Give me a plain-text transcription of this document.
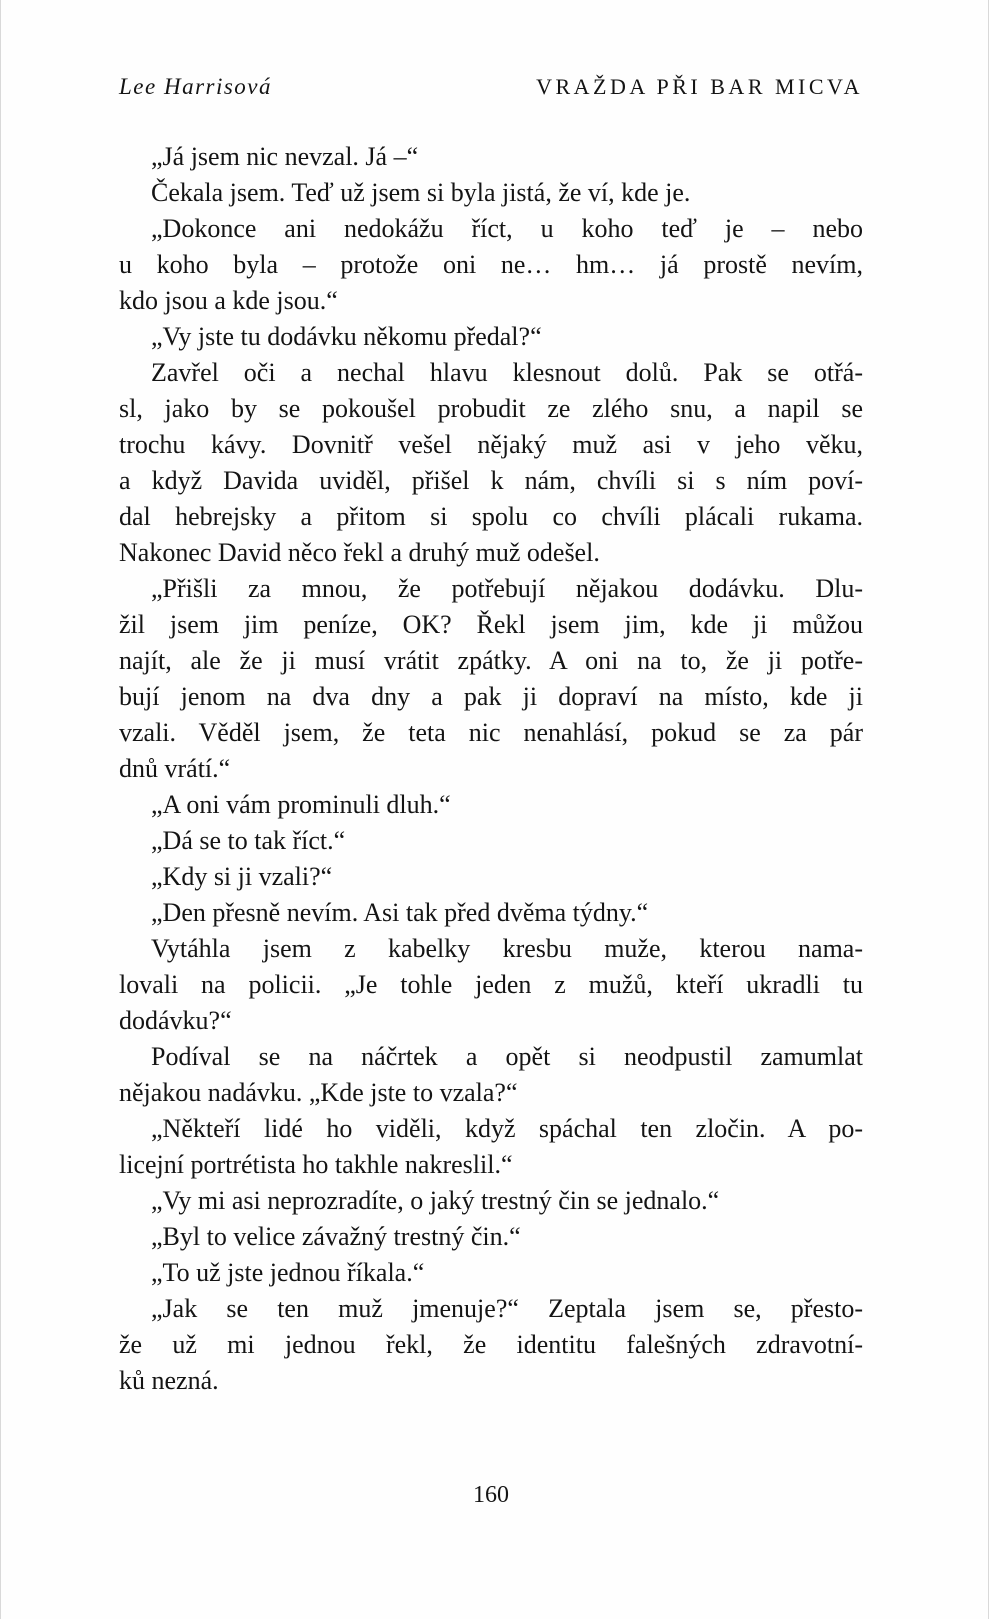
Lee Harrisová	VRAŽDA PŘI BAR MICVA
„Já jsem nic nevzal. Já –“
Čekala jsem. Teď už jsem si byla jistá, že ví, kde je.
„Dokonce ani nedokážu říct, u koho teď je – nebo
u koho byla – protože oni ne… hm… já prostě nevím,
kdo jsou a kde jsou.“
„Vy jste tu dodávku někomu předal?“
Zavřel oči a nechal hlavu klesnout dolů. Pak se otřá-
sl, jako by se pokoušel probudit ze zlého snu, a napil se
trochu kávy. Dovnitř vešel nějaký muž asi v jeho věku,
a když Davida uviděl, přišel k nám, chvíli si s ním poví-
dal hebrejsky a přitom si spolu co chvíli plácali rukama.
Nakonec David něco řekl a druhý muž odešel.
„Přišli za mnou, že potřebují nějakou dodávku. Dlu-
žil jsem jim peníze, OK? Řekl jsem jim, kde ji můžou
najít, ale že ji musí vrátit zpátky. A oni na to, že ji potře-
bují jenom na dva dny a pak ji dopraví na místo, kde ji
vzali. Věděl jsem, že teta nic nenahlásí, pokud se za pár
dnů vrátí.“
„A oni vám prominuli dluh.“
„Dá se to tak říct.“
„Kdy si ji vzali?“
„Den přesně nevím. Asi tak před dvěma týdny.“
Vytáhla jsem z kabelky kresbu muže, kterou nama-
lovali na policii. „Je tohle jeden z mužů, kteří ukradli tu
dodávku?“
Podíval se na náčrtek a opět si neodpustil zamumlat
nějakou nadávku. „Kde jste to vzala?“
„Někteří lidé ho viděli, když spáchal ten zločin. A po-
licejní portrétista ho takhle nakreslil.“
„Vy mi asi neprozradíte, o jaký trestný čin se jednalo.“
„Byl to velice závažný trestný čin.“
„To už jste jednou říkala.“
„Jak se ten muž jmenuje?“ Zeptala jsem se, přesto-
že už mi jednou řekl, že identitu falešných zdravotní-
ků nezná.
160
